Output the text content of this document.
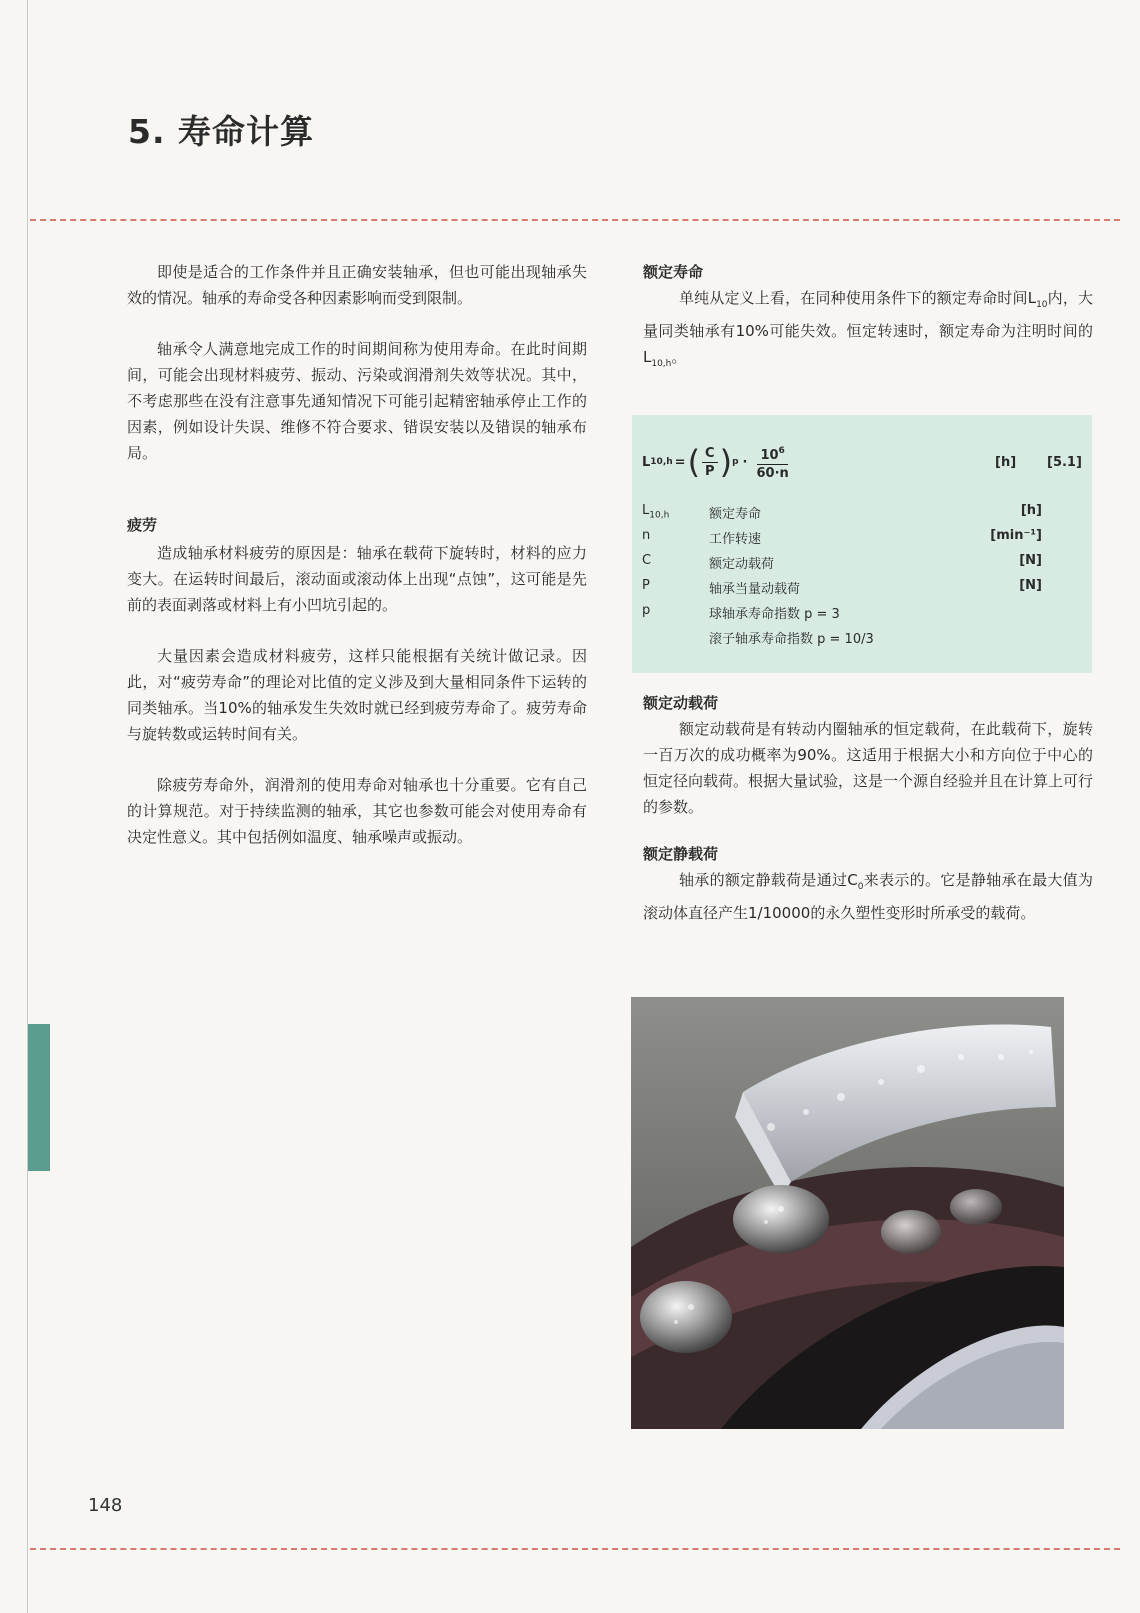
5. 寿命计算

即使是适合的工作条件并且正确安装轴承，但也可能出现轴承失效的情况。轴承的寿命受各种因素影响而受到限制。

轴承令人满意地完成工作的时间期间称为使用寿命。在此时间期间，可能会出现材料疲劳、振动、污染或润滑剂失效等状况。其中，不考虑那些在没有注意事先通知情况下可能引起精密轴承停止工作的因素，例如设计失误、维修不符合要求、错误安装以及错误的轴承布局。

疲劳

造成轴承材料疲劳的原因是：轴承在载荷下旋转时，材料的应力变大。在运转时间最后，滚动面或滚动体上出现“点蚀”，这可能是先前的表面剥落或材料上有小凹坑引起的。

大量因素会造成材料疲劳，这样只能根据有关统计做记录。因此，对“疲劳寿命”的理论对比值的定义涉及到大量相同条件下运转的同类轴承。当10%的轴承发生失效时就已经到疲劳寿命了。疲劳寿命与旋转数或运转时间有关。

除疲劳寿命外，润滑剂的使用寿命对轴承也十分重要。它有自己的计算规范。对于持续监测的轴承，其它也参数可能会对使用寿命有决定性意义。其中包括例如温度、轴承噪声或振动。

额定寿命

单纯从定义上看，在同种使用条件下的额定寿命时间$L_{10}$内，大量同类轴承有10%可能失效。恒定转速时，额定寿命为注明时间的$L_{10,h}$。

L 10,h = ( $\frac{C}{P}$ ) $p \cdot \frac{10^6}{60\cdot n}$	[h] [5.1]
$L_{10,h}$	额定寿命	[h]
n	工作转速	[min⁻¹]
C	额定动载荷	[N]
P	轴承当量动载荷	[N]
p	球轴承寿命指数 p = 3
滚子轴承寿命指数 p = 10/3
额定动载荷

额定动载荷是有转动内圈轴承的恒定载荷，在此载荷下，旋转一百万次的成功概率为90%。这适用于根据大小和方向位于中心的恒定径向载荷。根据大量试验，这是一个源自经验并且在计算上可行的参数。

额定静载荷

轴承的额定静载荷是通过$C_0$来表示的。它是静轴承在最大值为滚动体直径产生1/10000的永久塑性变形时所承受的载荷。

148
